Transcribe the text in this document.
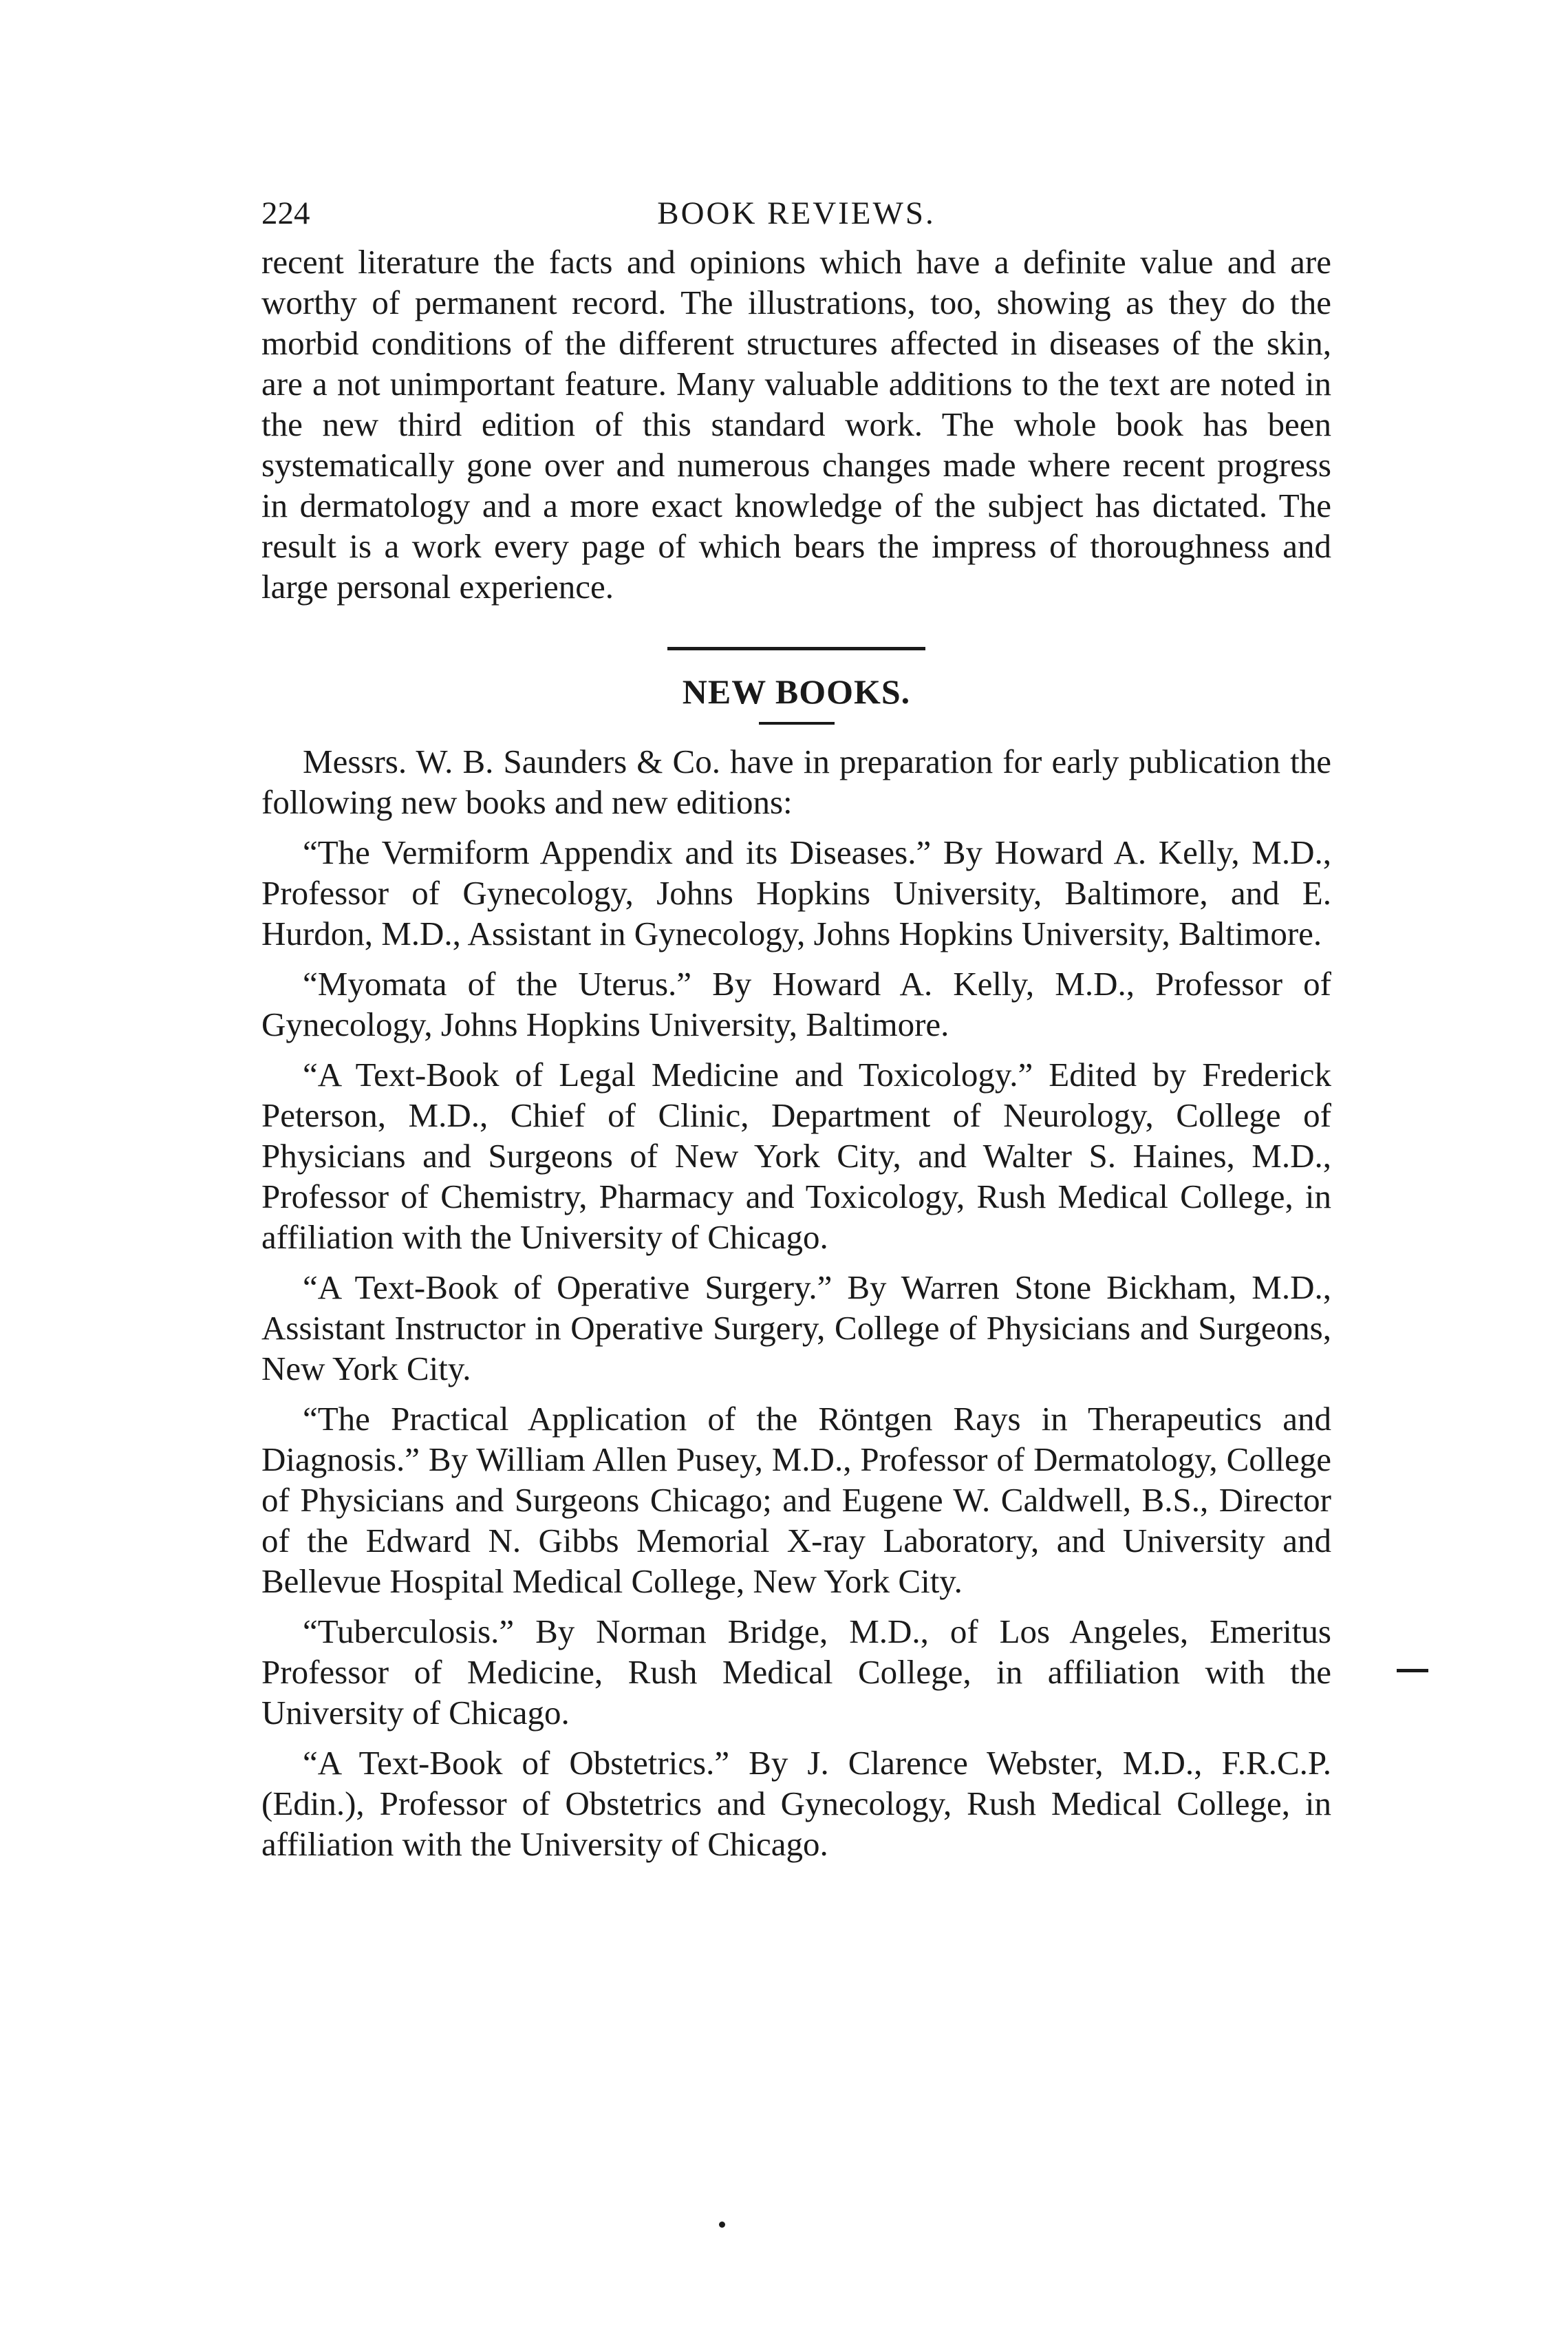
224	BOOK REVIEWS.

recent literature the facts and opinions which have a definite value and are worthy of permanent record. The illustrations, too, showing as they do the morbid conditions of the different structures affected in diseases of the skin, are a not unimportant feature. Many valuable additions to the text are noted in the new third edition of this standard work. The whole book has been systematically gone over and numerous changes made where recent progress in dermatology and a more exact knowledge of the subject has dictated. The result is a work every page of which bears the impress of thoroughness and large personal experience.

NEW BOOKS.

Messrs. W. B. Saunders & Co. have in preparation for early publication the following new books and new editions:

“The Vermiform Appendix and its Diseases.” By Howard A. Kelly, M.D., Professor of Gynecology, Johns Hopkins University, Baltimore, and E. Hurdon, M.D., Assistant in Gynecology, Johns Hopkins University, Baltimore.

“Myomata of the Uterus.” By Howard A. Kelly, M.D., Professor of Gynecology, Johns Hopkins University, Baltimore.

“A Text-Book of Legal Medicine and Toxicology.” Edited by Frederick Peterson, M.D., Chief of Clinic, Department of Neurology, College of Physicians and Surgeons of New York City, and Walter S. Haines, M.D., Professor of Chemistry, Pharmacy and Toxicology, Rush Medical College, in affiliation with the University of Chicago.

“A Text-Book of Operative Surgery.” By Warren Stone Bickham, M.D., Assistant Instructor in Operative Surgery, College of Physicians and Surgeons, New York City.

“The Practical Application of the Röntgen Rays in Therapeutics and Diagnosis.” By William Allen Pusey, M.D., Professor of Dermatology, College of Physicians and Surgeons Chicago; and Eugene W. Caldwell, B.S., Director of the Edward N. Gibbs Memorial X-ray Laboratory, and University and Bellevue Hospital Medical College, New York City.

“Tuberculosis.” By Norman Bridge, M.D., of Los Angeles, Emeritus Professor of Medicine, Rush Medical College, in affiliation with the University of Chicago.

“A Text-Book of Obstetrics.” By J. Clarence Webster, M.D., F.R.C.P. (Edin.), Professor of Obstetrics and Gynecology, Rush Medical College, in affiliation with the University of Chicago.
